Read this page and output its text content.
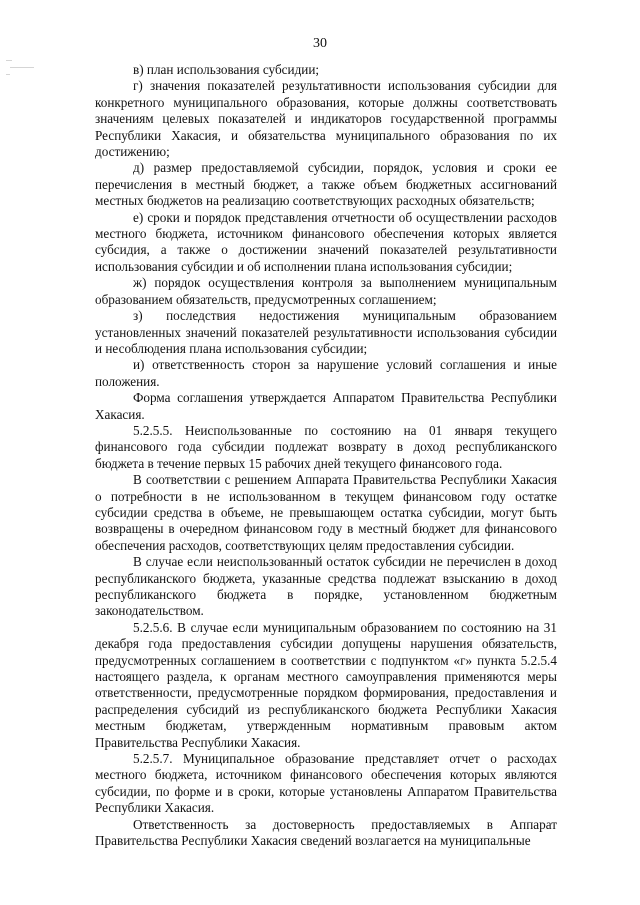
30

в) план использования субсидии;

г) значения показателей результативности использования субсидии для конкретного муниципального образования, которые должны соответствовать значениям целевых показателей и индикаторов государственной программы Республики Хакасия, и обязательства муниципального образования по их достижению;

д) размер предоставляемой субсидии, порядок, условия и сроки ее перечисления в местный бюджет, а также объем бюджетных ассигнований местных бюджетов на реализацию соответствующих расходных обязательств;

е) сроки и порядок представления отчетности об осуществлении расходов местного бюджета, источником финансового обеспечения которых является субсидия, а также о достижении значений показателей результативности использования субсидии и об исполнении плана использования субсидии;

ж) порядок осуществления контроля за выполнением муниципальным образованием обязательств, предусмотренных соглашением;

з) последствия недостижения муниципальным образованием установленных значений показателей результативности использования субсидии и несоблюдения плана использования субсидии;

и) ответственность сторон за нарушение условий соглашения и иные положения.

Форма соглашения утверждается Аппаратом Правительства Республики Хакасия.

5.2.5.5. Неиспользованные по состоянию на 01 января текущего финансового года субсидии подлежат возврату в доход республиканского бюджета в течение первых 15 рабочих дней текущего финансового года.

В соответствии с решением Аппарата Правительства Республики Хакасия о потребности в не использованном в текущем финансовом году остатке субсидии средства в объеме, не превышающем остатка субсидии, могут быть возвращены в очередном финансовом году в местный бюджет для финансового обеспечения расходов, соответствующих целям предоставления субсидии.

В случае если неиспользованный остаток субсидии не перечислен в доход республиканского бюджета, указанные средства подлежат взысканию в доход республиканского бюджета в порядке, установленном бюджетным законодательством.

5.2.5.6. В случае если муниципальным образованием по состоянию на 31 декабря года предоставления субсидии допущены нарушения обязательств, предусмотренных соглашением в соответствии с подпунктом «г» пункта 5.2.5.4 настоящего раздела, к органам местного самоуправления применяются меры ответственности, предусмотренные порядком формирования, предоставления и распределения субсидий из республиканского бюджета Республики Хакасия местным бюджетам, утвержденным нормативным правовым актом Правительства Республики Хакасия.

5.2.5.7. Муниципальное образование представляет отчет о расходах местного бюджета, источником финансового обеспечения которых являются субсидии, по форме и в сроки, которые установлены Аппаратом Правительства Республики Хакасия.

Ответственность за достоверность предоставляемых в Аппарат Правительства Республики Хакасия сведений возлагается на муниципальные
